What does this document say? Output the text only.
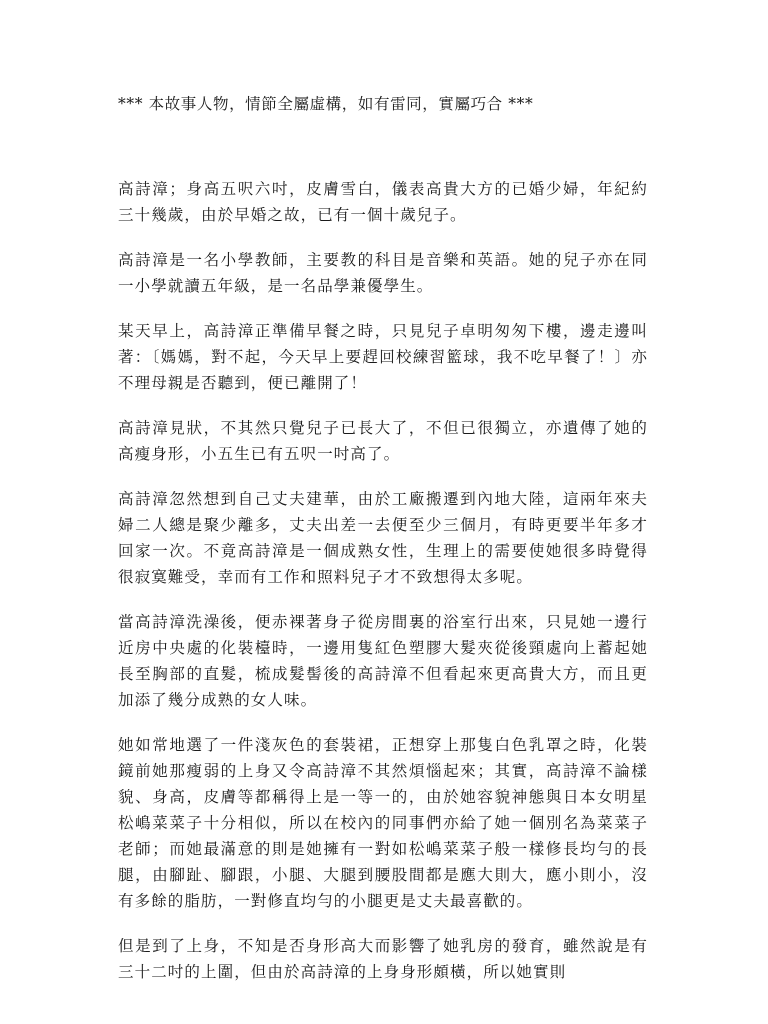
*** 本故事人物，情節全屬虛構，如有雷同，實屬巧合 ***

高詩漳；身高五呎六吋，皮膚雪白，儀表高貴大方的已婚少婦，年紀約三十幾歲，由於早婚之故，已有一個十歲兒子。

高詩漳是一名小學教師，主要教的科目是音樂和英語。她的兒子亦在同一小學就讀五年級，是一名品學兼優學生。

某天早上，高詩漳正準備早餐之時，只見兒子卓明匆匆下樓，邊走邊叫著：〔媽媽，對不起，今天早上要趕回校練習籃球，我不吃早餐了！〕亦不理母親是否聽到，便已離開了！

高詩漳見狀，不其然只覺兒子已長大了，不但已很獨立，亦遺傳了她的高瘦身形，小五生已有五呎一吋高了。

高詩漳忽然想到自己丈夫建華，由於工廠搬遷到內地大陸，這兩年來夫婦二人總是聚少離多，丈夫出差一去便至少三個月，有時更要半年多才回家一次。不竟高詩漳是一個成熟女性，生理上的需要使她很多時覺得很寂寞難受，幸而有工作和照料兒子才不致想得太多呢。

當高詩漳洗澡後，便赤裸著身子從房間裏的浴室行出來，只見她一邊行近房中央處的化裝檯時，一邊用隻紅色塑膠大髮夾從後頸處向上蓄起她長至胸部的直髮，梳成髮髻後的高詩漳不但看起來更高貴大方，而且更加添了幾分成熟的女人味。

她如常地選了一件淺灰色的套裝裙，正想穿上那隻白色乳罩之時，化裝鏡前她那瘦弱的上身又令高詩漳不其然煩惱起來；其實，高詩漳不論樣貌、身高，皮膚等都稱得上是一等一的，由於她容貌神態與日本女明星松嶋菜菜子十分相似，所以在校內的同事們亦給了她一個別名為菜菜子老師；而她最滿意的則是她擁有一對如松嶋菜菜子般一樣修長均勻的長腿，由腳趾、腳跟，小腿、大腿到腰股間都是應大則大，應小則小，沒有多餘的脂肪，一對修直均勻的小腿更是丈夫最喜歡的。

但是到了上身，不知是否身形高大而影響了她乳房的發育，雖然說是有三十二吋的上圍，但由於高詩漳的上身身形頗橫，所以她實則
